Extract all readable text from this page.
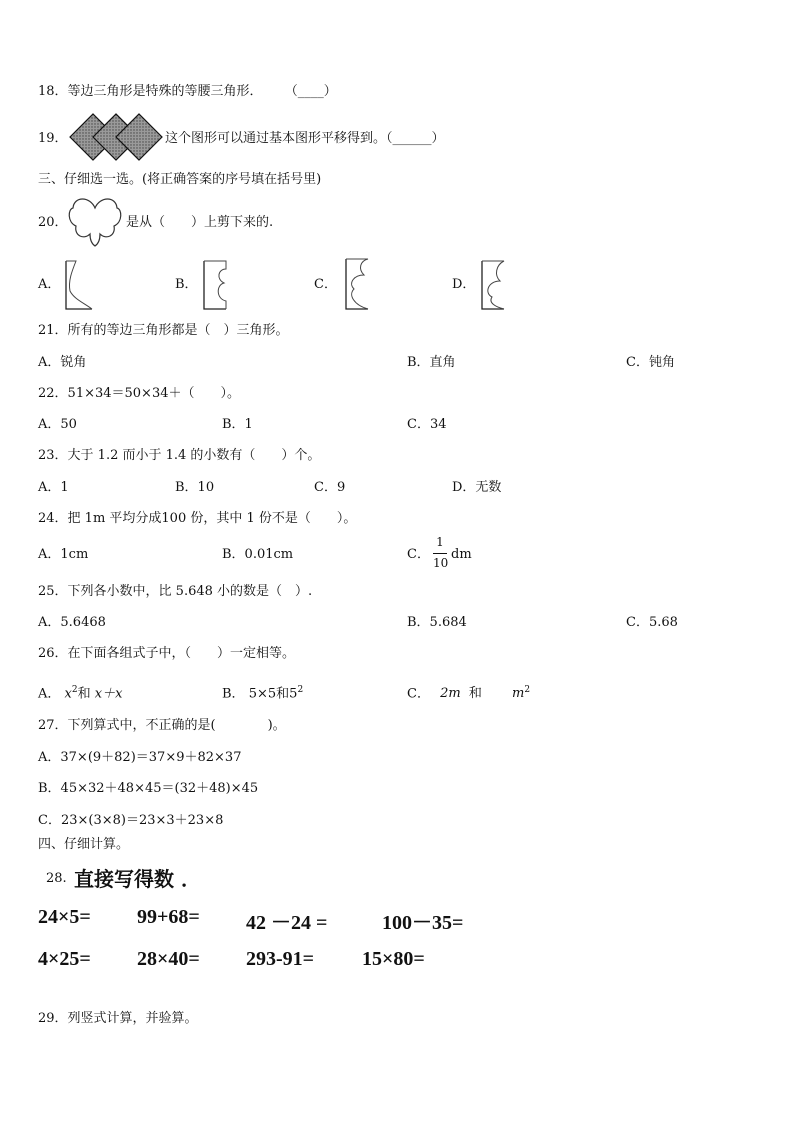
18．等边三角形是特殊的等腰三角形． （____）
19．	这个图形可以通过基本图形平移得到。（______）
三、仔细选一选。(将正确答案的序号填在括号里)
20．	是从（　　）上剪下来的.
A．	B．	C．	D．
21．所有的等边三角形都是（　）三角形。
A．锐角	B．直角	C．钝角
22．51×34＝50×34＋（　　）。
A．50	B．1	C．34
23．大于 1.2 而小于 1.4 的小数有（　　）个。
A．1	B．10	C．9	D．无数
24．把 1m 平均分成100 份，其中 1 份不是（　　）。
A．1cm	B．0.01cm	C．
1
10
dm
25．下列各小数中，比 5.648 小的数是（　）.
A．5.6468	B．5.684	C．5.68
26．在下面各组式子中，（　　）一定相等。
A． $x^2$和 x＋x	B． 5×5和$5^2$	C． 2m 和 $m^2$
27．下列算式中，不正确的是(　　　　)。
A．37×(9＋82)＝37×9＋82×37
B．45×32＋48×45＝(32＋48)×45
C．23×(3×8)＝23×3＋23×8
四、仔细计算。
28. 直接写得数 ．
24×5= 99+68= 42 －24 =	100－35=
4×25= 28×40= 293-91= 15×80=
29．列竖式计算，并验算。
